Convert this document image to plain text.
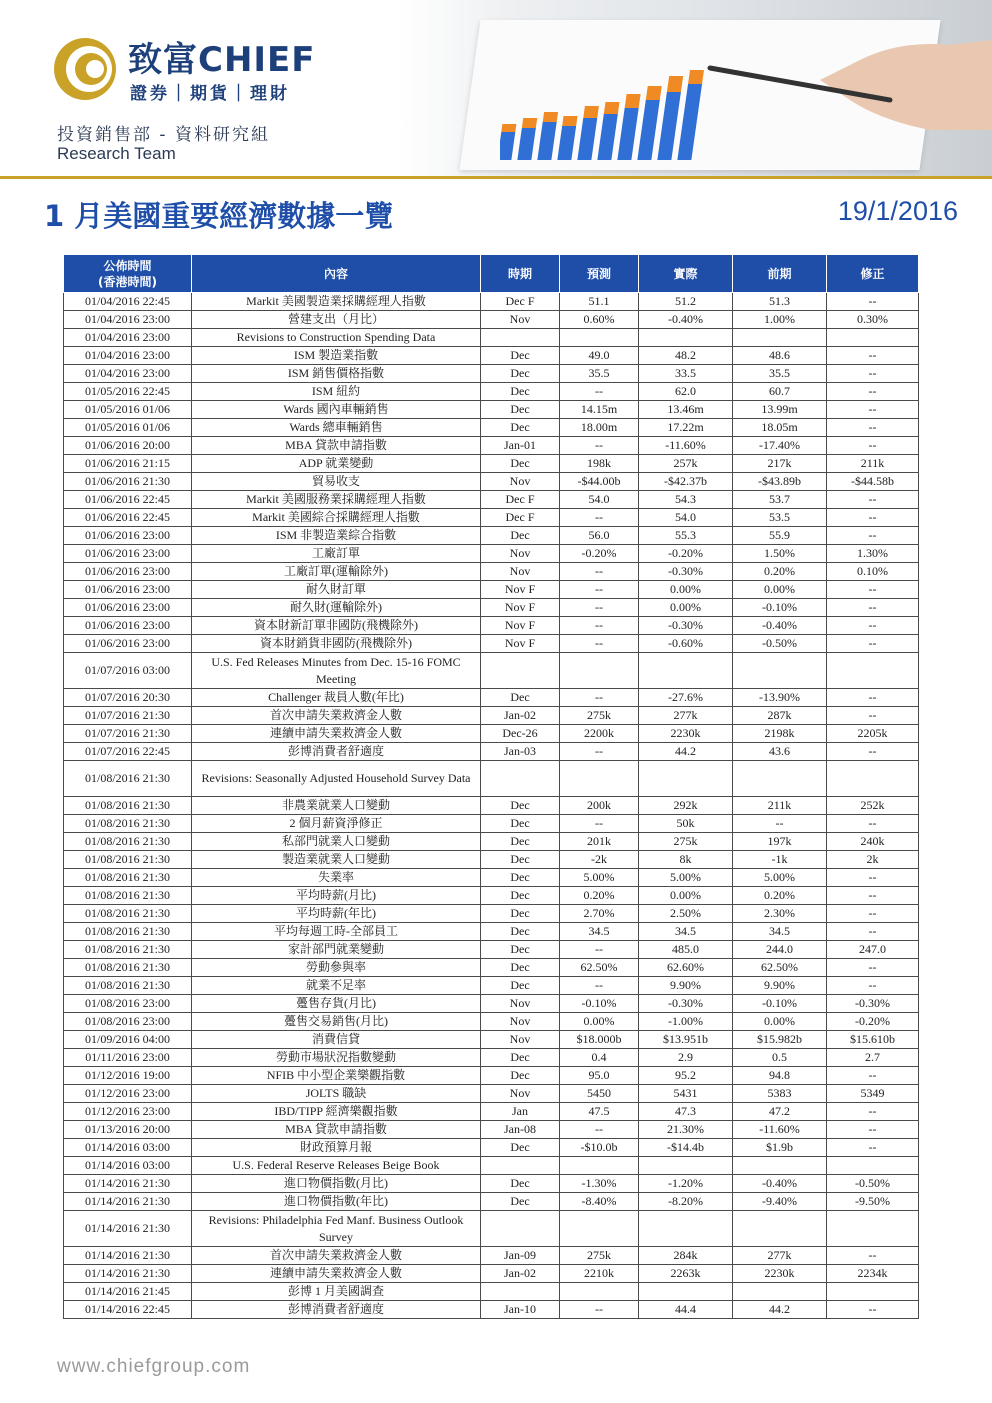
致富CHIEF
證券｜期貨｜理財
投資銷售部 - 資料研究組
Research Team
1 月美國重要經濟數據一覽	19/1/2016
公佈時間
(香港時間)	內容	時期	預測	實際	前期	修正
01/04/2016 22:45	Markit 美國製造業採購經理人指數	Dec F	51.1	51.2	51.3	--
01/04/2016 23:00	營建支出（月比）	Nov	0.60%	-0.40%	1.00%	0.30%
01/04/2016 23:00	Revisions to Construction Spending Data					
01/04/2016 23:00	ISM 製造業指數	Dec	49.0	48.2	48.6	--
01/04/2016 23:00	ISM 銷售價格指數	Dec	35.5	33.5	35.5	--
01/05/2016 22:45	ISM 紐約	Dec	--	62.0	60.7	--
01/05/2016 01/06	Wards 國內車輛銷售	Dec	14.15m	13.46m	13.99m	--
01/05/2016 01/06	Wards 總車輛銷售	Dec	18.00m	17.22m	18.05m	--
01/06/2016 20:00	MBA 貸款申請指數	Jan-01	--	-11.60%	-17.40%	--
01/06/2016 21:15	ADP 就業變動	Dec	198k	257k	217k	211k
01/06/2016 21:30	貿易收支	Nov	-$44.00b	-$42.37b	-$43.89b	-$44.58b
01/06/2016 22:45	Markit 美國服務業採購經理人指數	Dec F	54.0	54.3	53.7	--
01/06/2016 22:45	Markit 美國綜合採購經理人指數	Dec F	--	54.0	53.5	--
01/06/2016 23:00	ISM 非製造業綜合指數	Dec	56.0	55.3	55.9	--
01/06/2016 23:00	工廠訂單	Nov	-0.20%	-0.20%	1.50%	1.30%
01/06/2016 23:00	工廠訂單(運輸除外)	Nov	--	-0.30%	0.20%	0.10%
01/06/2016 23:00	耐久財訂單	Nov F	--	0.00%	0.00%	--
01/06/2016 23:00	耐久財(運輸除外)	Nov F	--	0.00%	-0.10%	--
01/06/2016 23:00	資本財新訂單非國防(飛機除外)	Nov F	--	-0.30%	-0.40%	--
01/06/2016 23:00	資本財銷貨非國防(飛機除外)	Nov F	--	-0.60%	-0.50%	--
01/07/2016 03:00	U.S. Fed Releases Minutes from Dec. 15-16 FOMC Meeting					
01/07/2016 20:30	Challenger 裁員人數(年比)	Dec	--	-27.6%	-13.90%	--
01/07/2016 21:30	首次申請失業救濟金人數	Jan-02	275k	277k	287k	--
01/07/2016 21:30	連續申請失業救濟金人數	Dec-26	2200k	2230k	2198k	2205k
01/07/2016 22:45	彭博消費者舒適度	Jan-03	--	44.2	43.6	--
01/08/2016 21:30	Revisions: Seasonally Adjusted Household Survey Data					
01/08/2016 21:30	非農業就業人口變動	Dec	200k	292k	211k	252k
01/08/2016 21:30	2 個月薪資淨修正	Dec	--	50k	--	--
01/08/2016 21:30	私部門就業人口變動	Dec	201k	275k	197k	240k
01/08/2016 21:30	製造業就業人口變動	Dec	-2k	8k	-1k	2k
01/08/2016 21:30	失業率	Dec	5.00%	5.00%	5.00%	--
01/08/2016 21:30	平均時薪(月比)	Dec	0.20%	0.00%	0.20%	--
01/08/2016 21:30	平均時薪(年比)	Dec	2.70%	2.50%	2.30%	--
01/08/2016 21:30	平均每週工時-全部員工	Dec	34.5	34.5	34.5	--
01/08/2016 21:30	家計部門就業變動	Dec	--	485.0	244.0	247.0
01/08/2016 21:30	勞動參與率	Dec	62.50%	62.60%	62.50%	--
01/08/2016 21:30	就業不足率	Dec	--	9.90%	9.90%	--
01/08/2016 23:00	躉售存貨(月比)	Nov	-0.10%	-0.30%	-0.10%	-0.30%
01/08/2016 23:00	躉售交易銷售(月比)	Nov	0.00%	-1.00%	0.00%	-0.20%
01/09/2016 04:00	消費信貸	Nov	$18.000b	$13.951b	$15.982b	$15.610b
01/11/2016 23:00	勞動市場狀況指數變動	Dec	0.4	2.9	0.5	2.7
01/12/2016 19:00	NFIB 中小型企業樂觀指數	Dec	95.0	95.2	94.8	--
01/12/2016 23:00	JOLTS 職缺	Nov	5450	5431	5383	5349
01/12/2016 23:00	IBD/TIPP 經濟樂觀指數	Jan	47.5	47.3	47.2	--
01/13/2016 20:00	MBA 貸款申請指數	Jan-08	--	21.30%	-11.60%	--
01/14/2016 03:00	財政預算月報	Dec	-$10.0b	-$14.4b	$1.9b	--
01/14/2016 03:00	U.S. Federal Reserve Releases Beige Book					
01/14/2016 21:30	進口物價指數(月比)	Dec	-1.30%	-1.20%	-0.40%	-0.50%
01/14/2016 21:30	進口物價指數(年比)	Dec	-8.40%	-8.20%	-9.40%	-9.50%
01/14/2016 21:30	Revisions: Philadelphia Fed Manf. Business Outlook Survey					
01/14/2016 21:30	首次申請失業救濟金人數	Jan-09	275k	284k	277k	--
01/14/2016 21:30	連續申請失業救濟金人數	Jan-02	2210k	2263k	2230k	2234k
01/14/2016 21:45	彭博 1 月美國調查					
01/14/2016 22:45	彭博消費者舒適度	Jan-10	--	44.4	44.2	--
www.chiefgroup.com
